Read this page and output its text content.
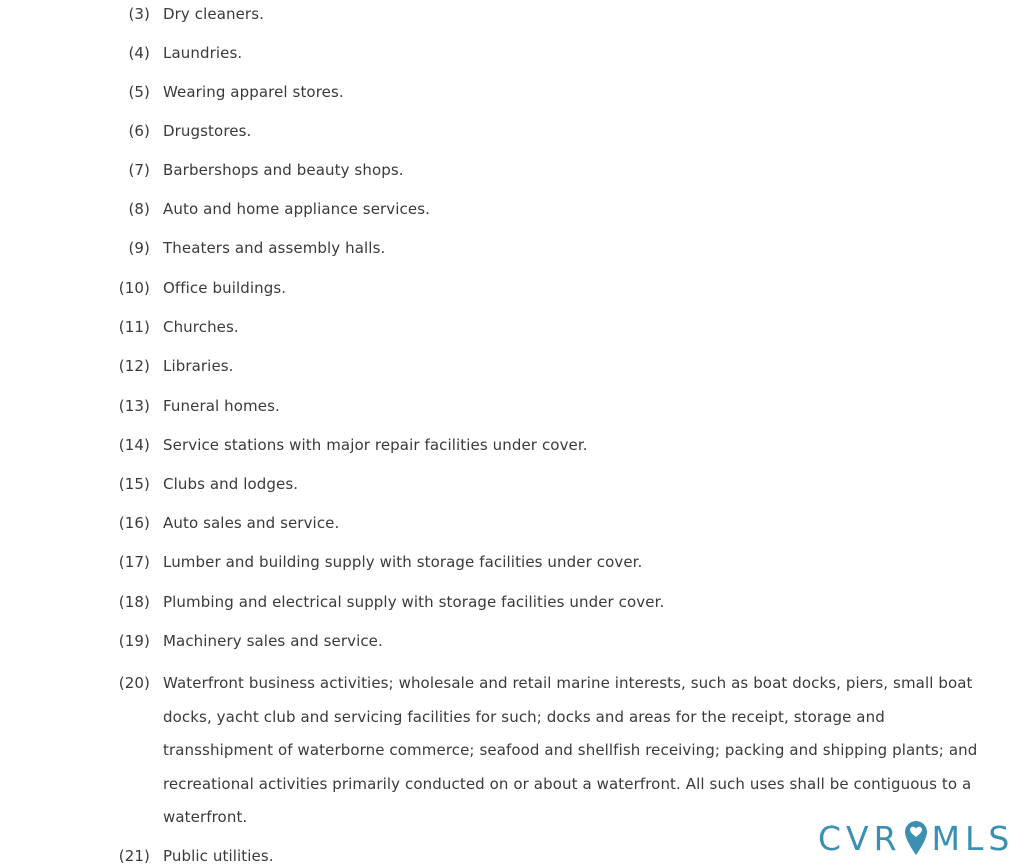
(3) Dry cleaners.
(4) Laundries.
(5) Wearing apparel stores.
(6) Drugstores.
(7) Barbershops and beauty shops.
(8) Auto and home appliance services.
(9) Theaters and assembly halls.
(10) Office buildings.
(11) Churches.
(12) Libraries.
(13) Funeral homes.
(14) Service stations with major repair facilities under cover.
(15) Clubs and lodges.
(16) Auto sales and service.
(17) Lumber and building supply with storage facilities under cover.
(18) Plumbing and electrical supply with storage facilities under cover.
(19) Machinery sales and service.
(20) Waterfront business activities; wholesale and retail marine interests, such as boat docks, piers, small boat docks, yacht club and servicing facilities for such; docks and areas for the receipt, storage and transshipment of waterborne commerce; seafood and shellfish receiving; packing and shipping plants; and recreational activities primarily conducted on or about a waterfront. All such uses shall be contiguous to a waterfront.
(21) Public utilities.	CVR MLS
